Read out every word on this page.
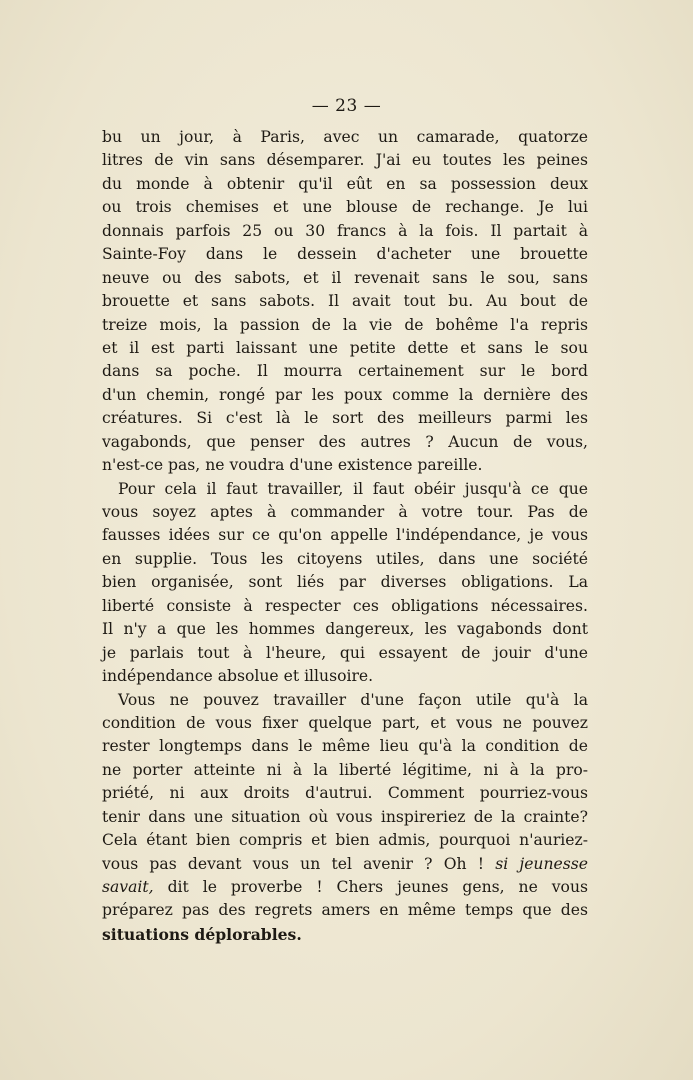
— 23 —
bu un jour, à Paris, avec un camarade, quatorze
litres de vin sans désemparer. J'ai eu toutes les peines
du monde à obtenir qu'il eût en sa possession deux
ou trois chemises et une blouse de rechange. Je lui
donnais parfois 25 ou 30 francs à la fois. Il partait à
Sainte-Foy dans le dessein d'acheter une brouette
neuve ou des sabots, et il revenait sans le sou, sans
brouette et sans sabots. Il avait tout bu. Au bout de
treize mois, la passion de la vie de bohême l'a repris
et il est parti laissant une petite dette et sans le sou
dans sa poche. Il mourra certainement sur le bord
d'un chemin, rongé par les poux comme la dernière des
créatures. Si c'est là le sort des meilleurs parmi les
vagabonds, que penser des autres ? Aucun de vous,
n'est-ce pas, ne voudra d'une existence pareille.
Pour cela il faut travailler, il faut obéir jusqu'à ce que
vous soyez aptes à commander à votre tour. Pas de
fausses idées sur ce qu'on appelle l'indépendance, je vous
en supplie. Tous les citoyens utiles, dans une société
bien organisée, sont liés par diverses obligations. La
liberté consiste à respecter ces obligations nécessaires.
Il n'y a que les hommes dangereux, les vagabonds dont
je parlais tout à l'heure, qui essayent de jouir d'une
indépendance absolue et illusoire.
Vous ne pouvez travailler d'une façon utile qu'à la
condition de vous fixer quelque part, et vous ne pouvez
rester longtemps dans le même lieu qu'à la condition de
ne porter atteinte ni à la liberté légitime, ni à la pro-
priété, ni aux droits d'autrui. Comment pourriez-vous
tenir dans une situation où vous inspireriez de la crainte?
Cela étant bien compris et bien admis, pourquoi n'auriez-
vous pas devant vous un tel avenir ? Oh ! si jeunesse
savait, dit le proverbe ! Chers jeunes gens, ne vous
préparez pas des regrets amers en même temps que des
situations déplorables.
